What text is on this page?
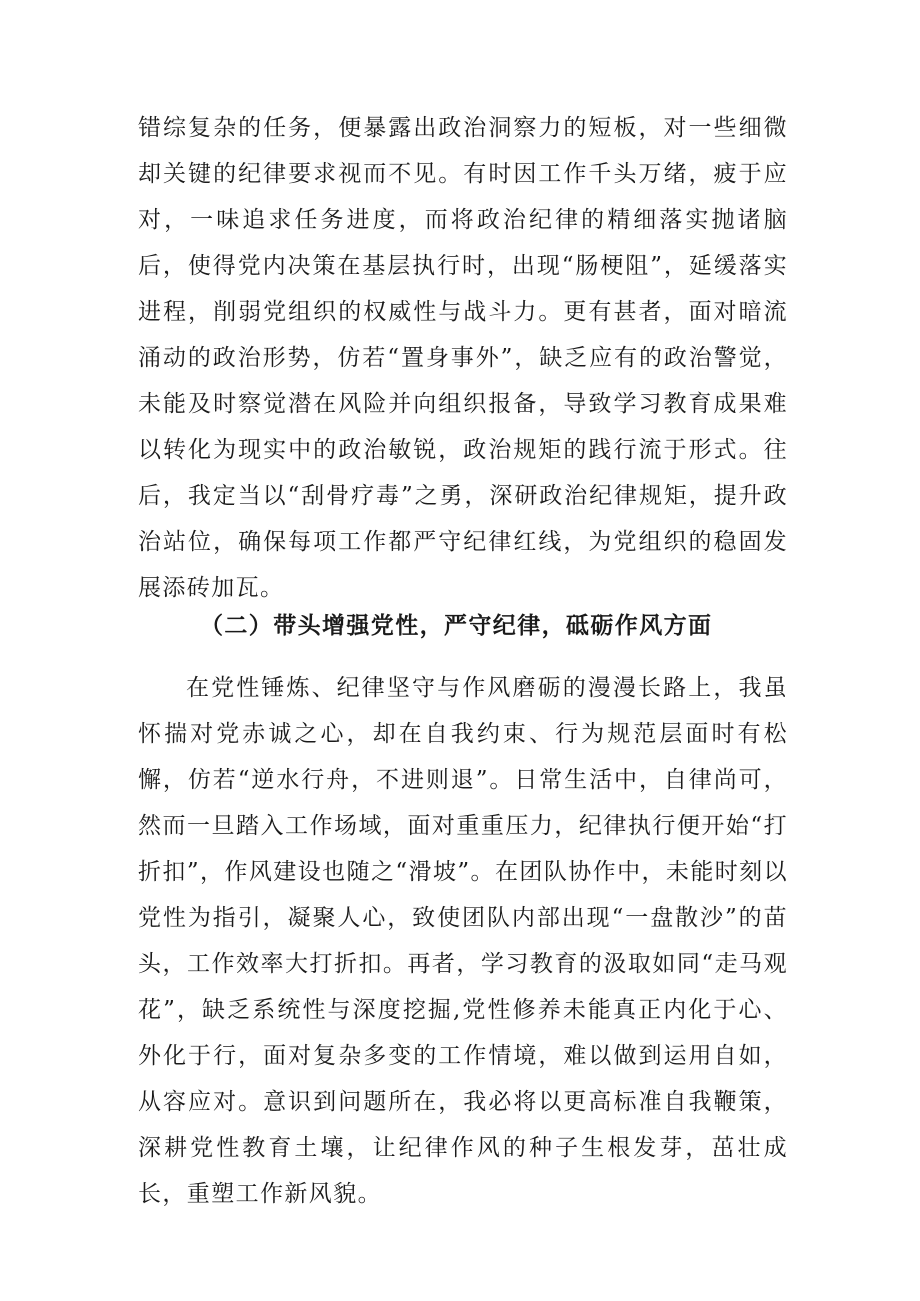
错综复杂的任务，便暴露出政治洞察力的短板，对一些细微却关键的纪律要求视而不见。有时因工作千头万绪，疲于应对，一味追求任务进度，而将政治纪律的精细落实抛诸脑后，使得党内决策在基层执行时，出现“肠梗阻”，延缓落实进程，削弱党组织的权威性与战斗力。更有甚者，面对暗流涌动的政治形势，仿若“置身事外”，缺乏应有的政治警觉，未能及时察觉潜在风险并向组织报备，导致学习教育成果难以转化为现实中的政治敏锐，政治规矩的践行流于形式。往后，我定当以“刮骨疗毒”之勇，深研政治纪律规矩，提升政治站位，确保每项工作都严守纪律红线，为党组织的稳固发展添砖加瓦。

（二）带头增强党性，严守纪律，砥砺作风方面

在党性锤炼、纪律坚守与作风磨砺的漫漫长路上，我虽怀揣对党赤诚之心，却在自我约束、行为规范层面时有松懈，仿若“逆水行舟，不进则退”。日常生活中，自律尚可，然而一旦踏入工作场域，面对重重压力，纪律执行便开始“打折扣”，作风建设也随之“滑坡”。在团队协作中，未能时刻以党性为指引，凝聚人心，致使团队内部出现“一盘散沙”的苗头，工作效率大打折扣。再者，学习教育的汲取如同“走马观花”，缺乏系统性与深度挖掘,党性修养未能真正内化于心、外化于行，面对复杂多变的工作情境，难以做到运用自如，从容应对。意识到问题所在，我必将以更高标准自我鞭策，深耕党性教育土壤，让纪律作风的种子生根发芽，茁壮成长，重塑工作新风貌。
